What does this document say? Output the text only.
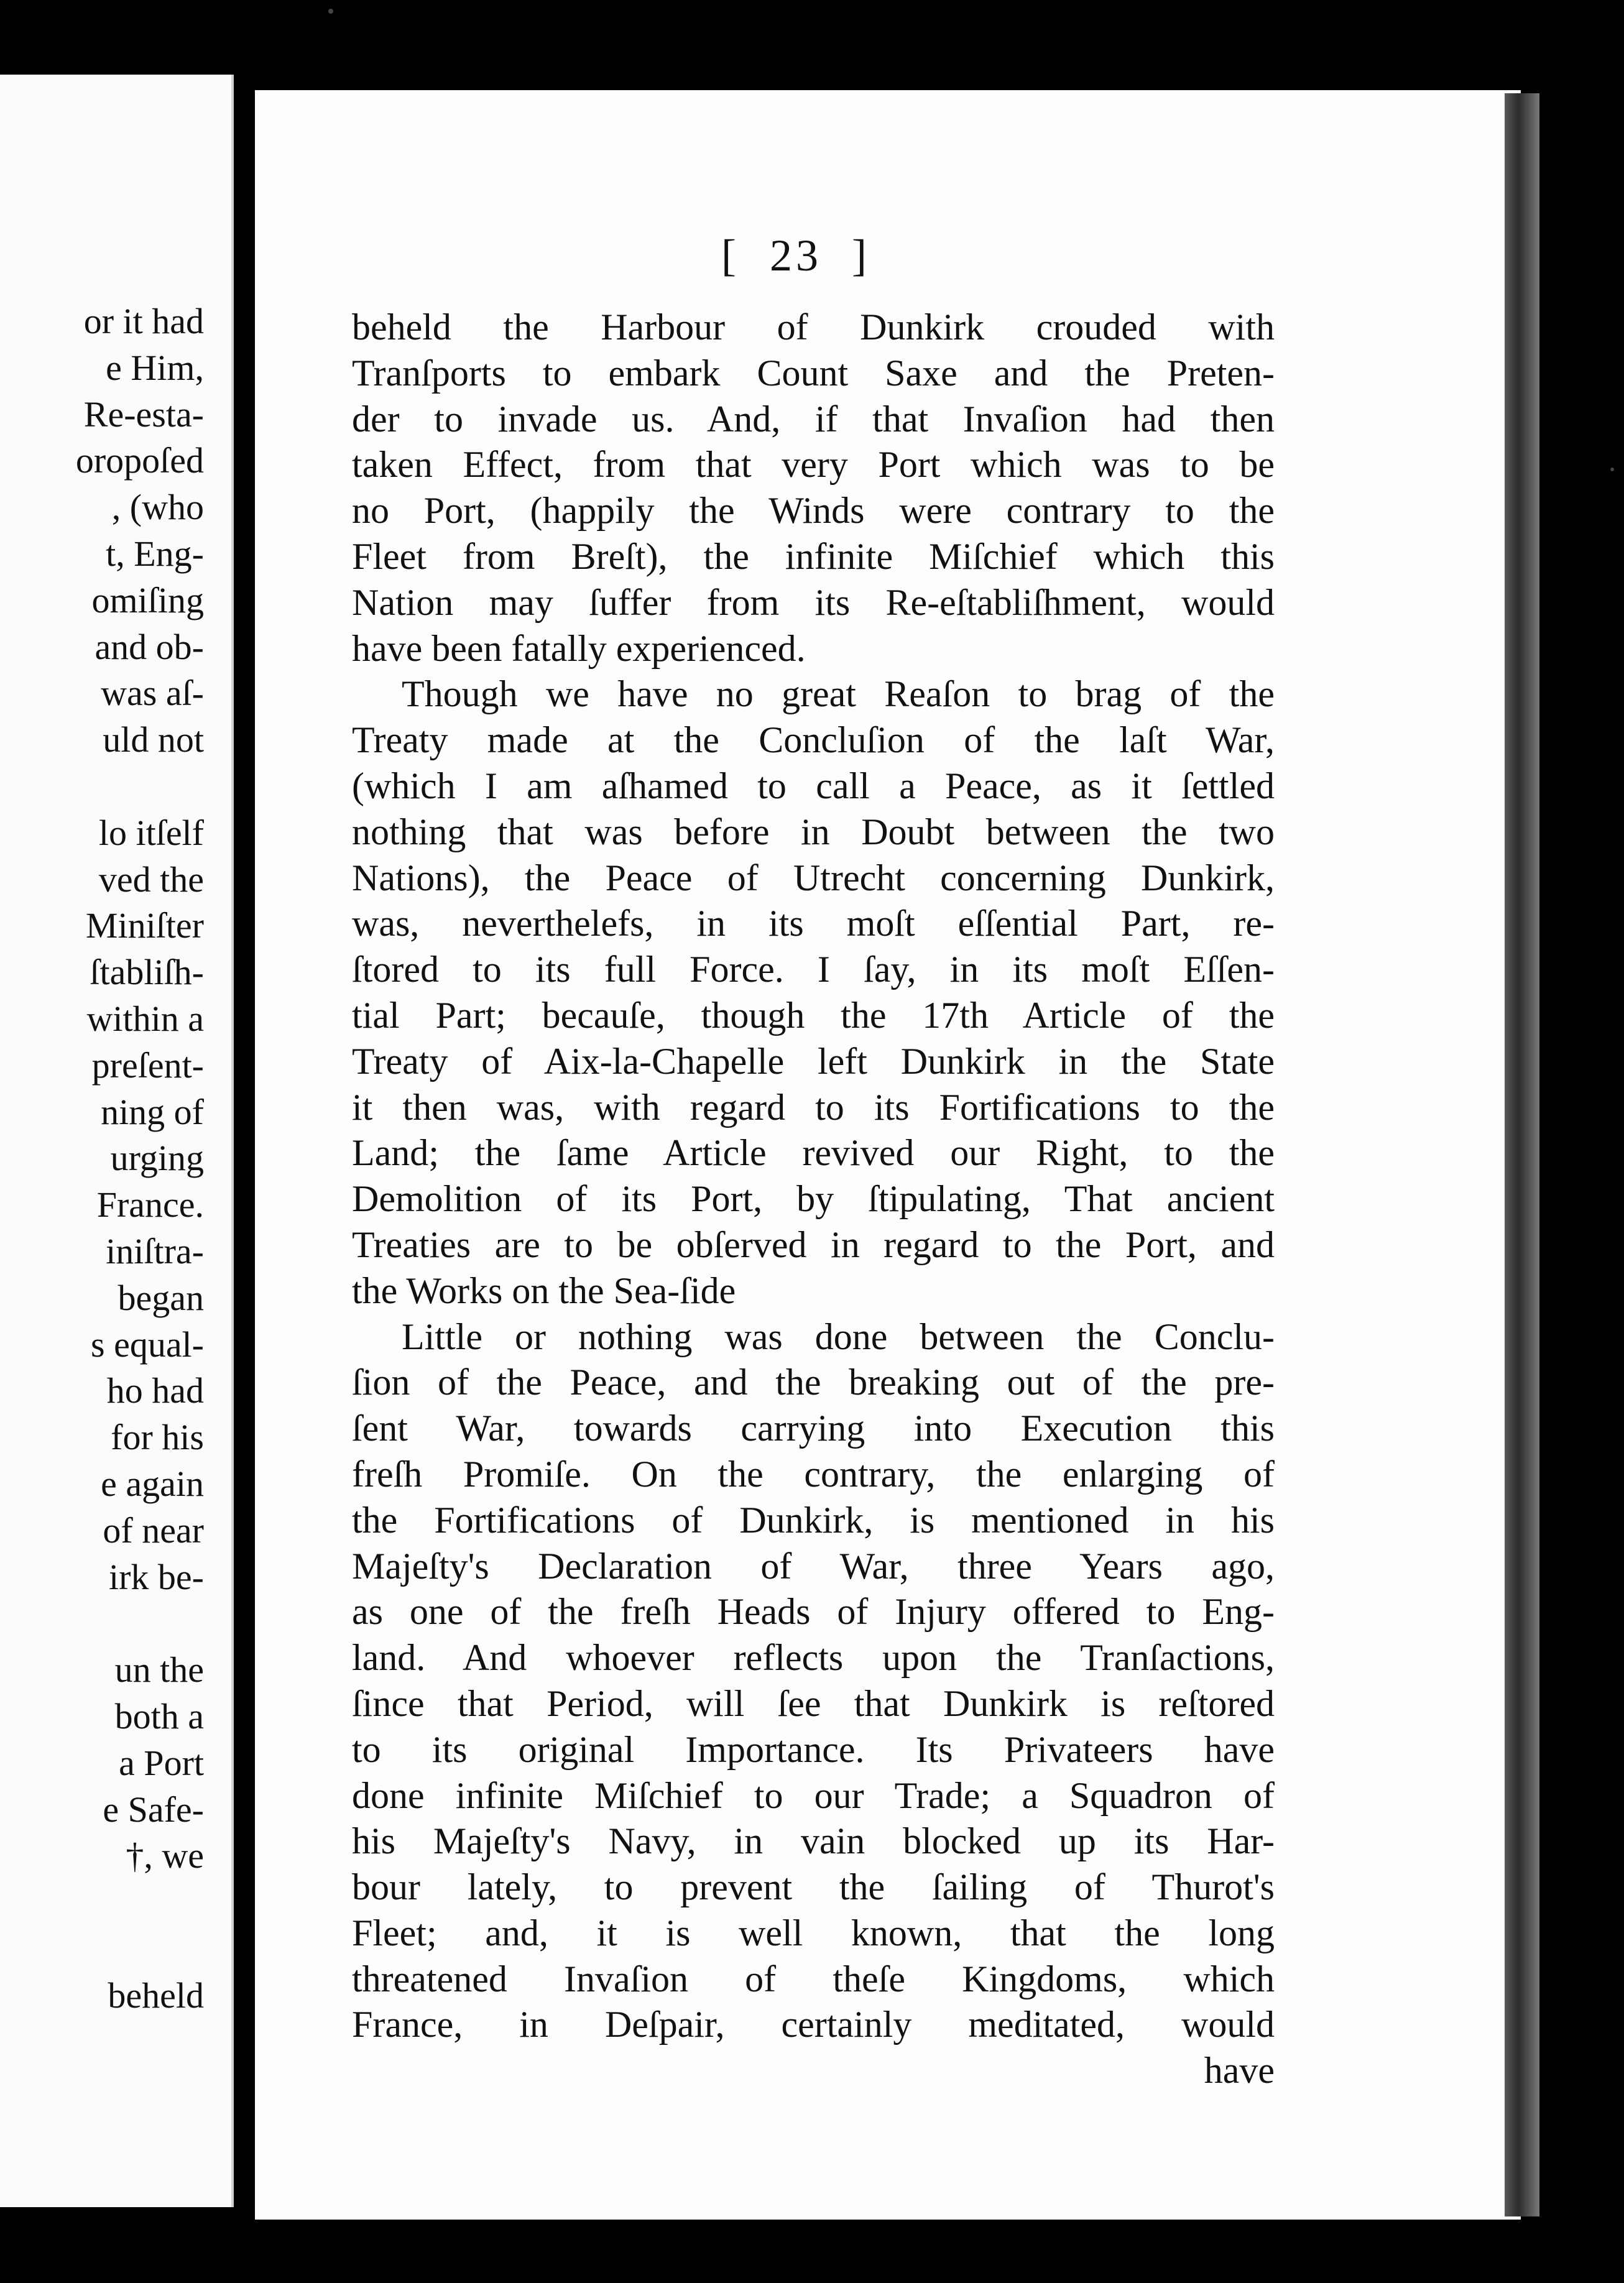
or it had
e Him,
Re-esta-
oropoſed
, (who
t, Eng-
omiſing
and ob-
was aſ-
uld not
lo itſelf
ved the
Miniſter
ſtabliſh-
within a
preſent-
ning of
urging
France.
iniſtra-
began
s equal-
ho had
for his
e again
of near
irk be-
un the
both a
a Port
e Safe-
†, we
beheld
[  23  ]
beheld the Harbour of Dunkirk crouded with
Tranſports to embark Count Saxe and the Preten-
der to invade us. And, if that Invaſion had then
taken Effect, from that very Port which was to be
no Port, (happily the Winds were contrary to the
Fleet from Breſt), the infinite Miſchief which this
Nation may ſuffer from its Re-eſtabliſhment, would
have been fatally experienced.
Though we have no great Reaſon to brag of the
Treaty made at the Concluſion of the laſt War,
(which I am aſhamed to call a Peace, as it ſettled
nothing that was before in Doubt between the two
Nations), the Peace of Utrecht concerning Dunkirk,
was, neverthelefs, in its moſt eſſential Part, re-
ſtored to its full Force. I ſay, in its moſt Eſſen-
tial Part; becauſe, though the 17th Article of the
Treaty of Aix-la-Chapelle left Dunkirk in the State
it then was, with regard to its Fortifications to the
Land; the ſame Article revived our Right, to the
Demolition of its Port, by ſtipulating, That ancient
Treaties are to be obſerved in regard to the Port, and
the Works on the Sea-ſide
Little or nothing was done between the Conclu-
ſion of the Peace, and the breaking out of the pre-
ſent War, towards carrying into Execution this
freſh Promiſe. On the contrary, the enlarging of
the Fortifications of Dunkirk, is mentioned in his
Majeſty's Declaration of War, three Years ago,
as one of the freſh Heads of Injury offered to Eng-
land. And whoever reflects upon the Tranſactions,
ſince that Period, will ſee that Dunkirk is reſtored
to its original Importance. Its Privateers have
done infinite Miſchief to our Trade; a Squadron of
his Majeſty's Navy, in vain blocked up its Har-
bour lately, to prevent the ſailing of Thurot's
Fleet; and, it is well known, that the long
threatened Invaſion of theſe Kingdoms, which
France, in Deſpair, certainly meditated, would
have
